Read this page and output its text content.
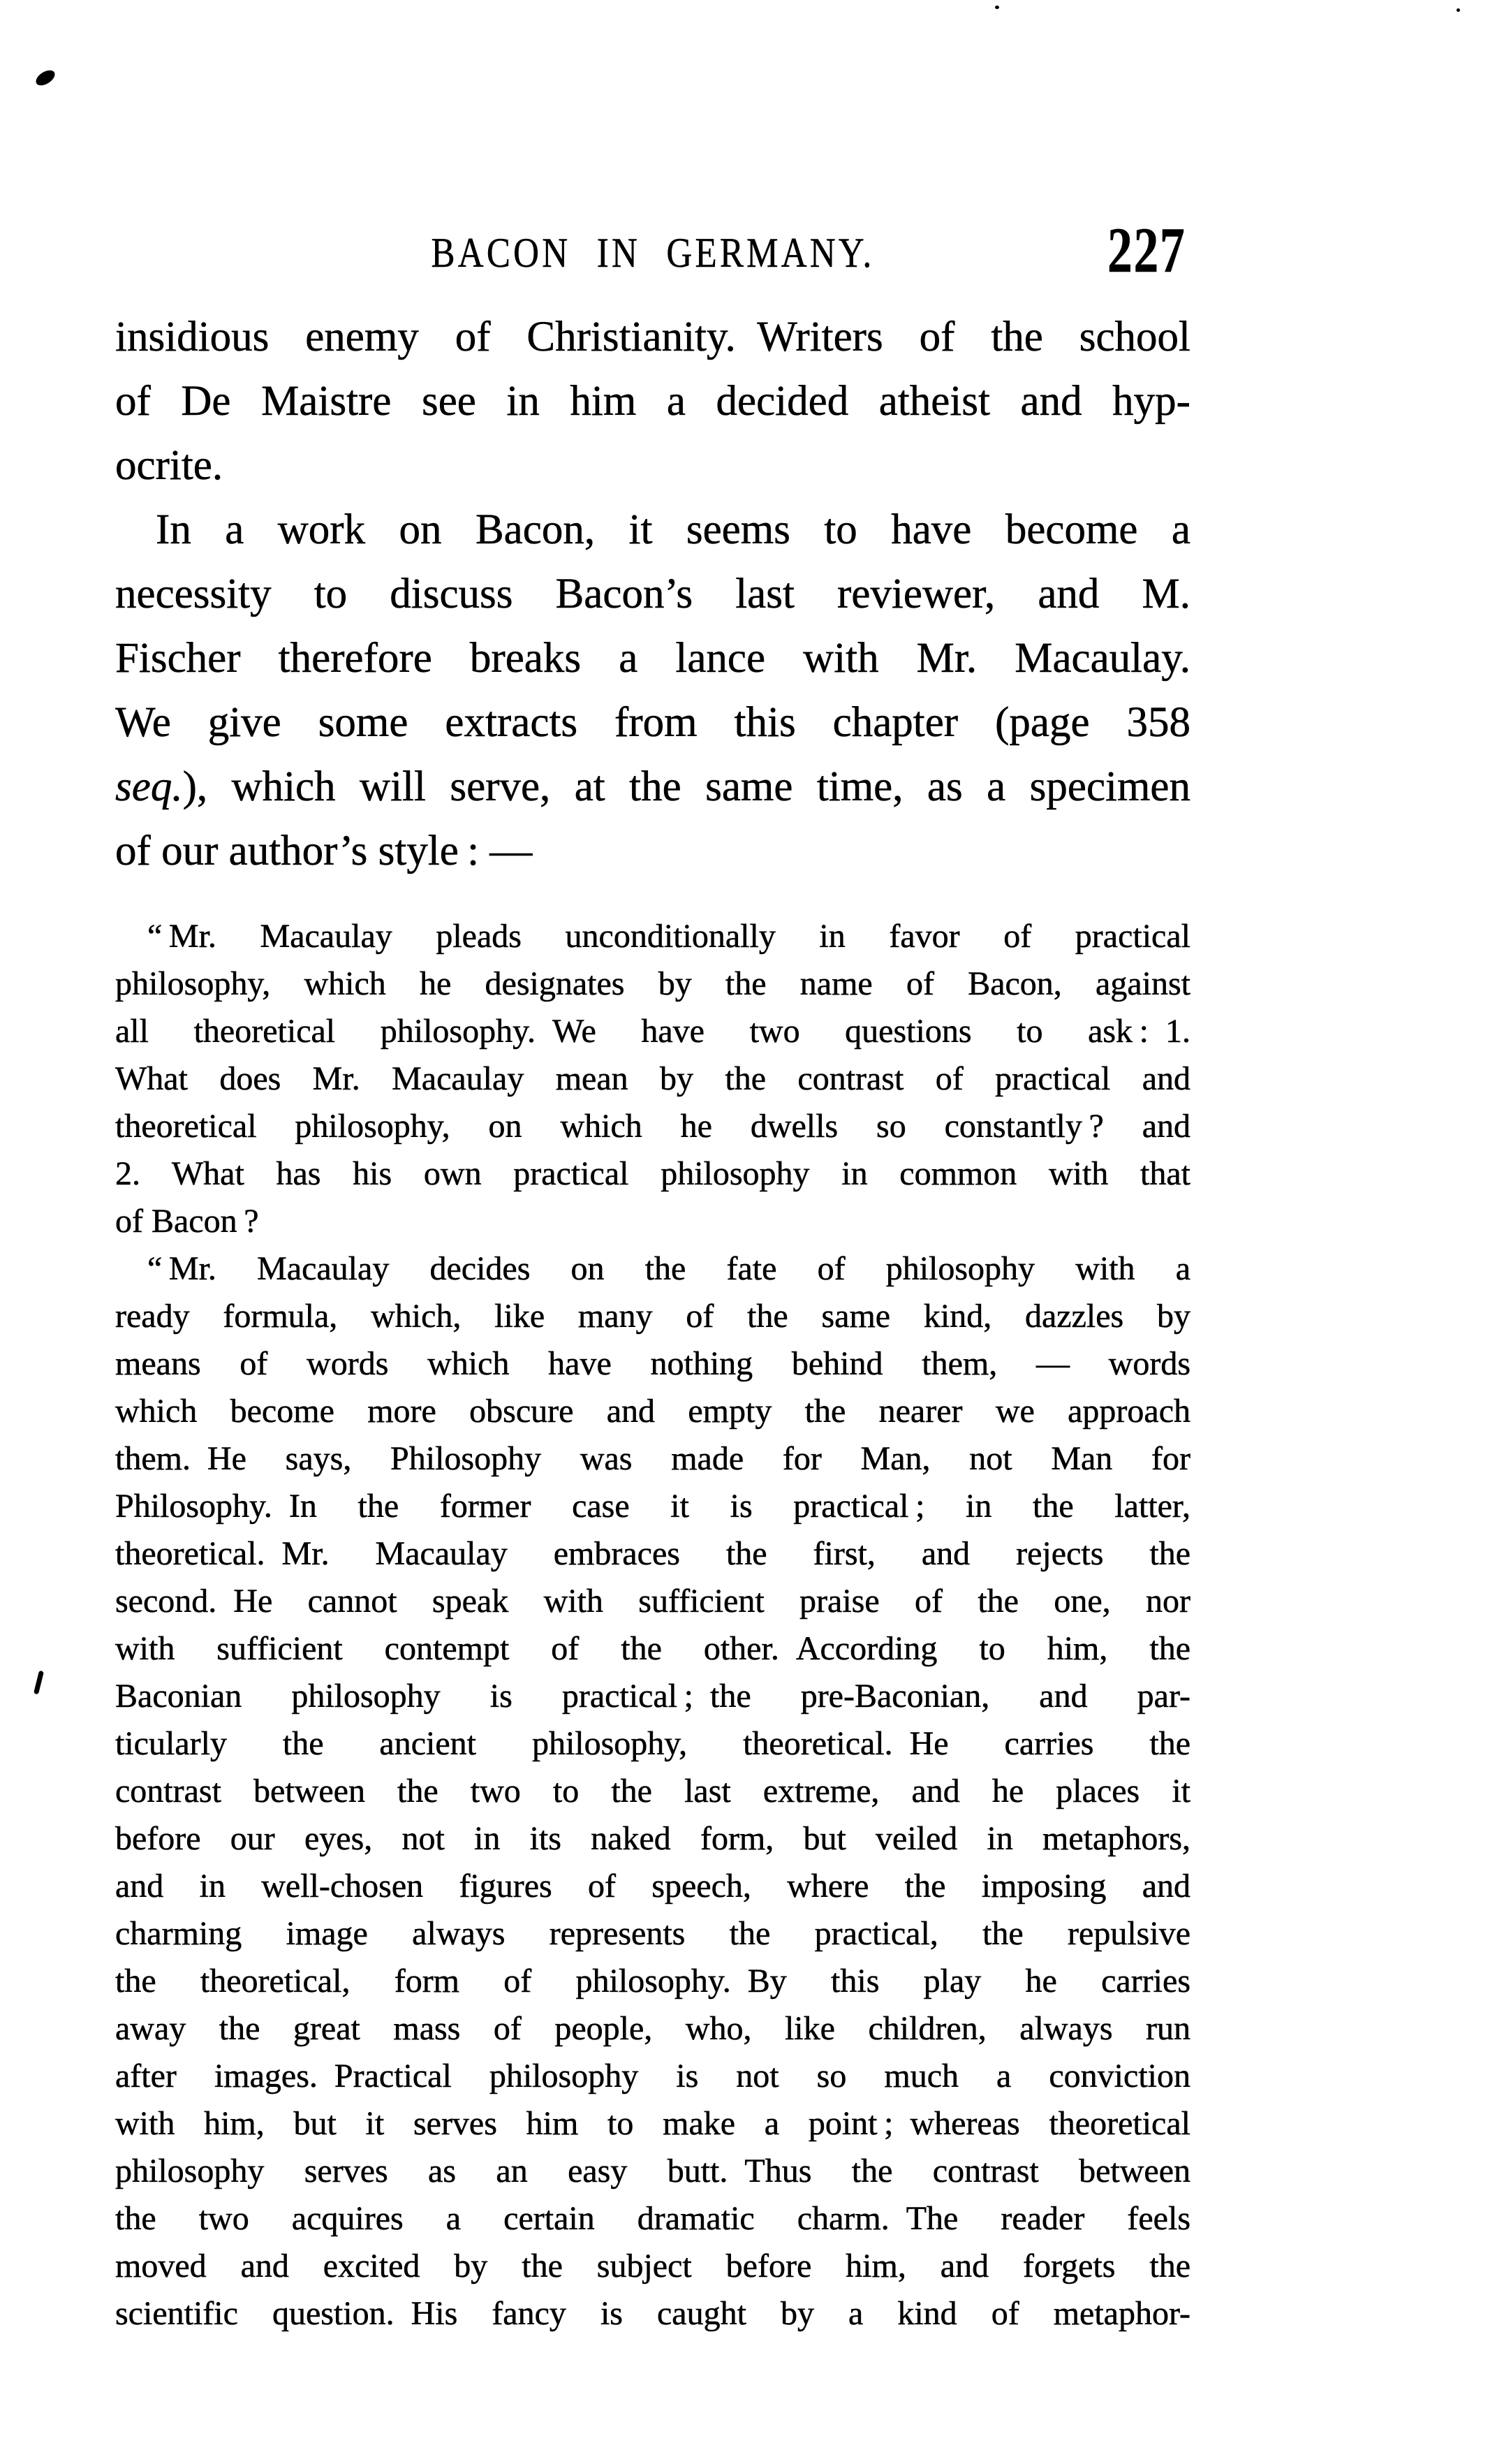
BACON IN GERMANY.	227
insidious enemy of Christianity. Writers of the school
of De Maistre see in him a decided atheist and hyp-
ocrite.
In a work on Bacon, it seems to have become a
necessity to discuss Bacon’s last reviewer, and M.
Fischer therefore breaks a lance with Mr. Macaulay.
We give some extracts from this chapter (page 358
seq.), which will serve, at the same time, as a specimen
of our author’s style : —
“ Mr. Macaulay pleads unconditionally in favor of practical
philosophy, which he designates by the name of Bacon, against
all theoretical philosophy. We have two questions to ask : 1.
What does Mr. Macaulay mean by the contrast of practical and
theoretical philosophy, on which he dwells so constantly ? and
2. What has his own practical philosophy in common with that
of Bacon ?
“ Mr. Macaulay decides on the fate of philosophy with a
ready formula, which, like many of the same kind, dazzles by
means of words which have nothing behind them, — words
which become more obscure and empty the nearer we approach
them. He says, Philosophy was made for Man, not Man for
Philosophy. In the former case it is practical ; in the latter,
theoretical. Mr. Macaulay embraces the first, and rejects the
second. He cannot speak with sufficient praise of the one, nor
with sufficient contempt of the other. According to him, the
Baconian philosophy is practical ; the pre-Baconian, and par-
ticularly the ancient philosophy, theoretical. He carries the
contrast between the two to the last extreme, and he places it
before our eyes, not in its naked form, but veiled in metaphors,
and in well-chosen figures of speech, where the imposing and
charming image always represents the practical, the repulsive
the theoretical, form of philosophy. By this play he carries
away the great mass of people, who, like children, always run
after images. Practical philosophy is not so much a conviction
with him, but it serves him to make a point ; whereas theoretical
philosophy serves as an easy butt. Thus the contrast between
the two acquires a certain dramatic charm. The reader feels
moved and excited by the subject before him, and forgets the
scientific question. His fancy is caught by a kind of metaphor-
